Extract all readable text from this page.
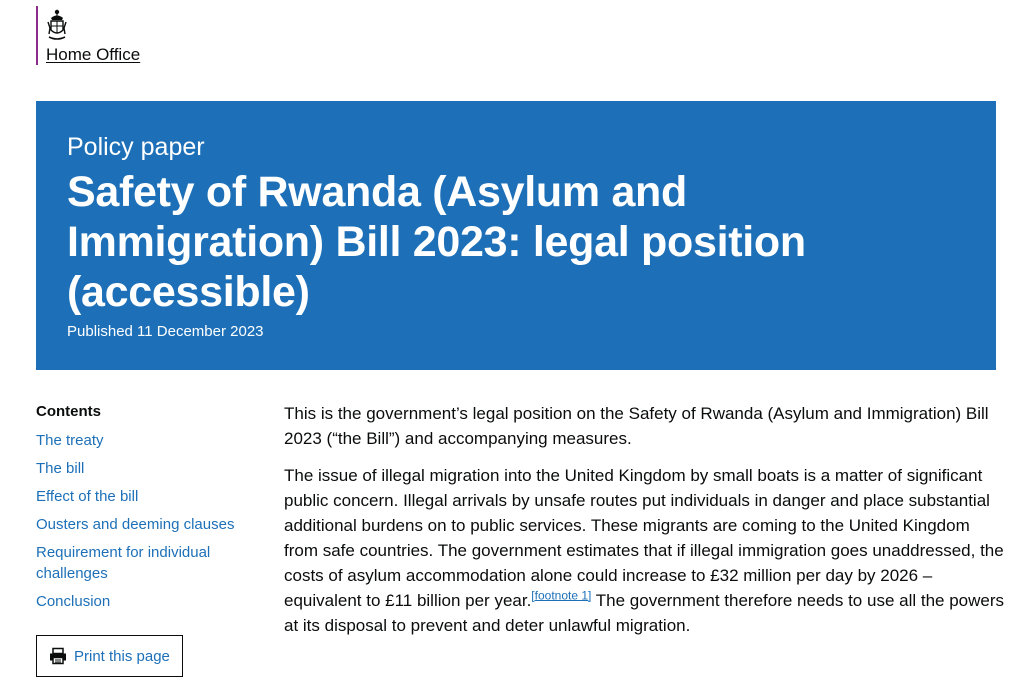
Home Office

Policy paper

Safety of Rwanda (Asylum and Immigration) Bill 2023: legal position (accessible)
Published 11 December 2023
Contents
The treaty
The bill
Effect of the bill
Ousters and deeming clauses
Requirement for individual challenges
Conclusion
Print this page

This is the government’s legal position on the Safety of Rwanda (Asylum and Immigration) Bill 2023 (“the Bill”) and accompanying measures.

The issue of illegal migration into the United Kingdom by small boats is a matter of significant public concern. Illegal arrivals by unsafe routes put individuals in danger and place substantial additional burdens on to public services. These migrants are coming to the United Kingdom from safe countries. The government estimates that if illegal immigration goes unaddressed, the costs of asylum accommodation alone could increase to £32 million per day by 2026 – equivalent to £11 billion per year.[footnote 1] The government therefore needs to use all the powers at its disposal to prevent and deter unlawful migration.
